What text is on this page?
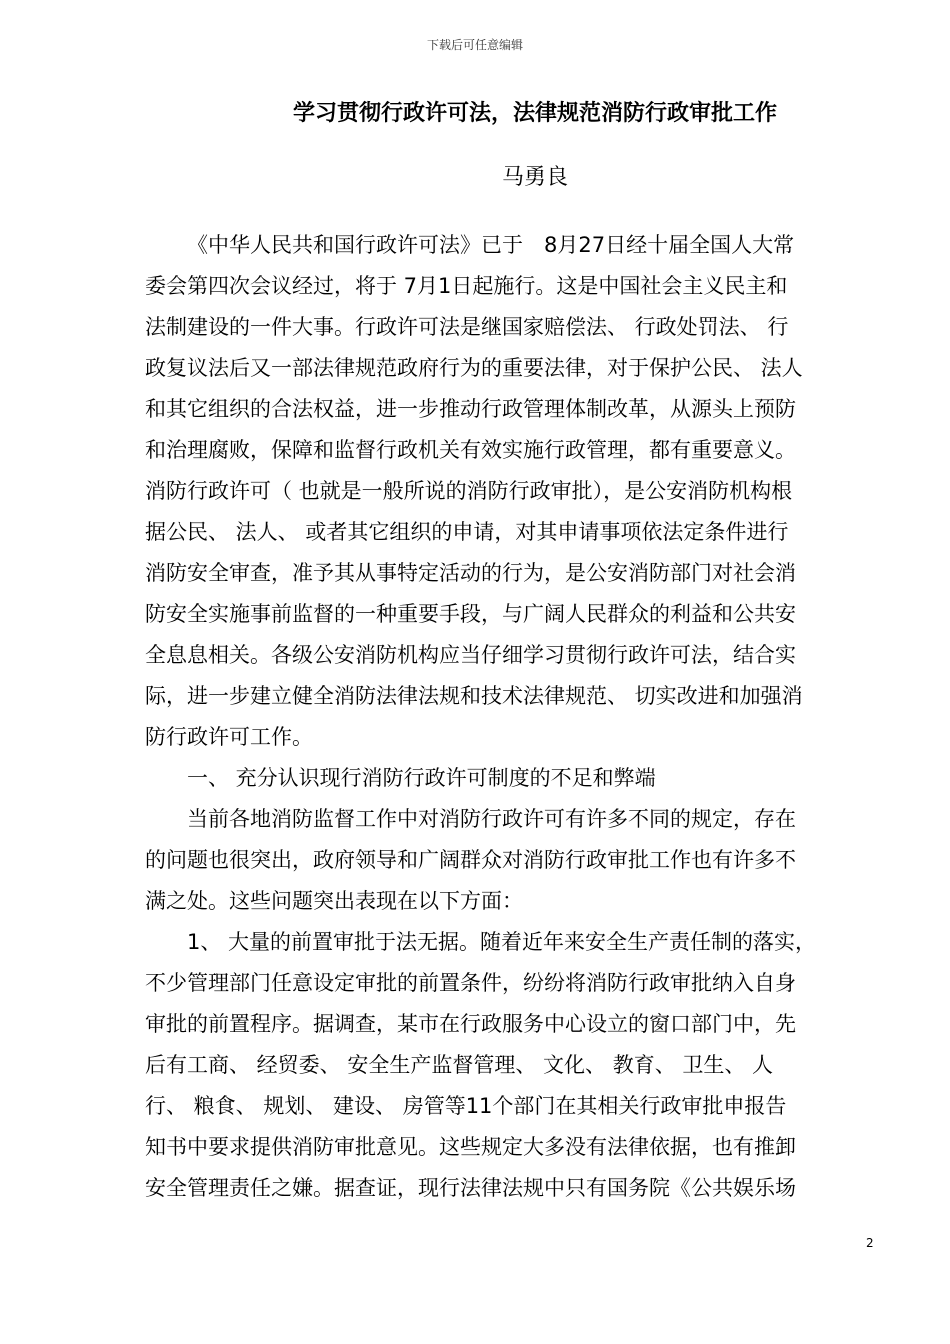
下载后可任意编辑
学习贯彻行政许可法，法律规范消防行政审批工作
马勇良
《中华人民共和国行政许可法》已于　8月27日经十届全国人大常
委会第四次会议经过，将于 7月1日起施行。这是中国社会主义民主和
法制建设的一件大事。行政许可法是继国家赔偿法、 行政处罚法、 行
政复议法后又一部法律规范政府行为的重要法律，对于保护公民、 法人
和其它组织的合法权益，进一步推动行政管理体制改革，从源头上预防
和治理腐败，保障和监督行政机关有效实施行政管理，都有重要意义。
消防行政许可（ 也就是一般所说的消防行政审批），是公安消防机构根
据公民、 法人、 或者其它组织的申请，对其申请事项依法定条件进行
消防安全审查，准予其从事特定活动的行为，是公安消防部门对社会消
防安全实施事前监督的一种重要手段，与广阔人民群众的利益和公共安
全息息相关。各级公安消防机构应当仔细学习贯彻行政许可法，结合实
际，进一步建立健全消防法律法规和技术法律规范、 切实改进和加强消
防行政许可工作。
一、 充分认识现行消防行政许可制度的不足和弊端
当前各地消防监督工作中对消防行政许可有许多不同的规定，存在
的问题也很突出，政府领导和广阔群众对消防行政审批工作也有许多不
满之处。这些问题突出表现在以下方面：
1、 大量的前置审批于法无据。随着近年来安全生产责任制的落实，
不少管理部门任意设定审批的前置条件，纷纷将消防行政审批纳入自身
审批的前置程序。据调查，某市在行政服务中心设立的窗口部门中，先
后有工商、 经贸委、 安全生产监督管理、 文化、 教育、 卫生、 人
行、 粮食、 规划、 建设、 房管等11个部门在其相关行政审批申报告
知书中要求提供消防审批意见。这些规定大多没有法律依据，也有推卸
安全管理责任之嫌。据查证，现行法律法规中只有国务院《公共娱乐场
2
